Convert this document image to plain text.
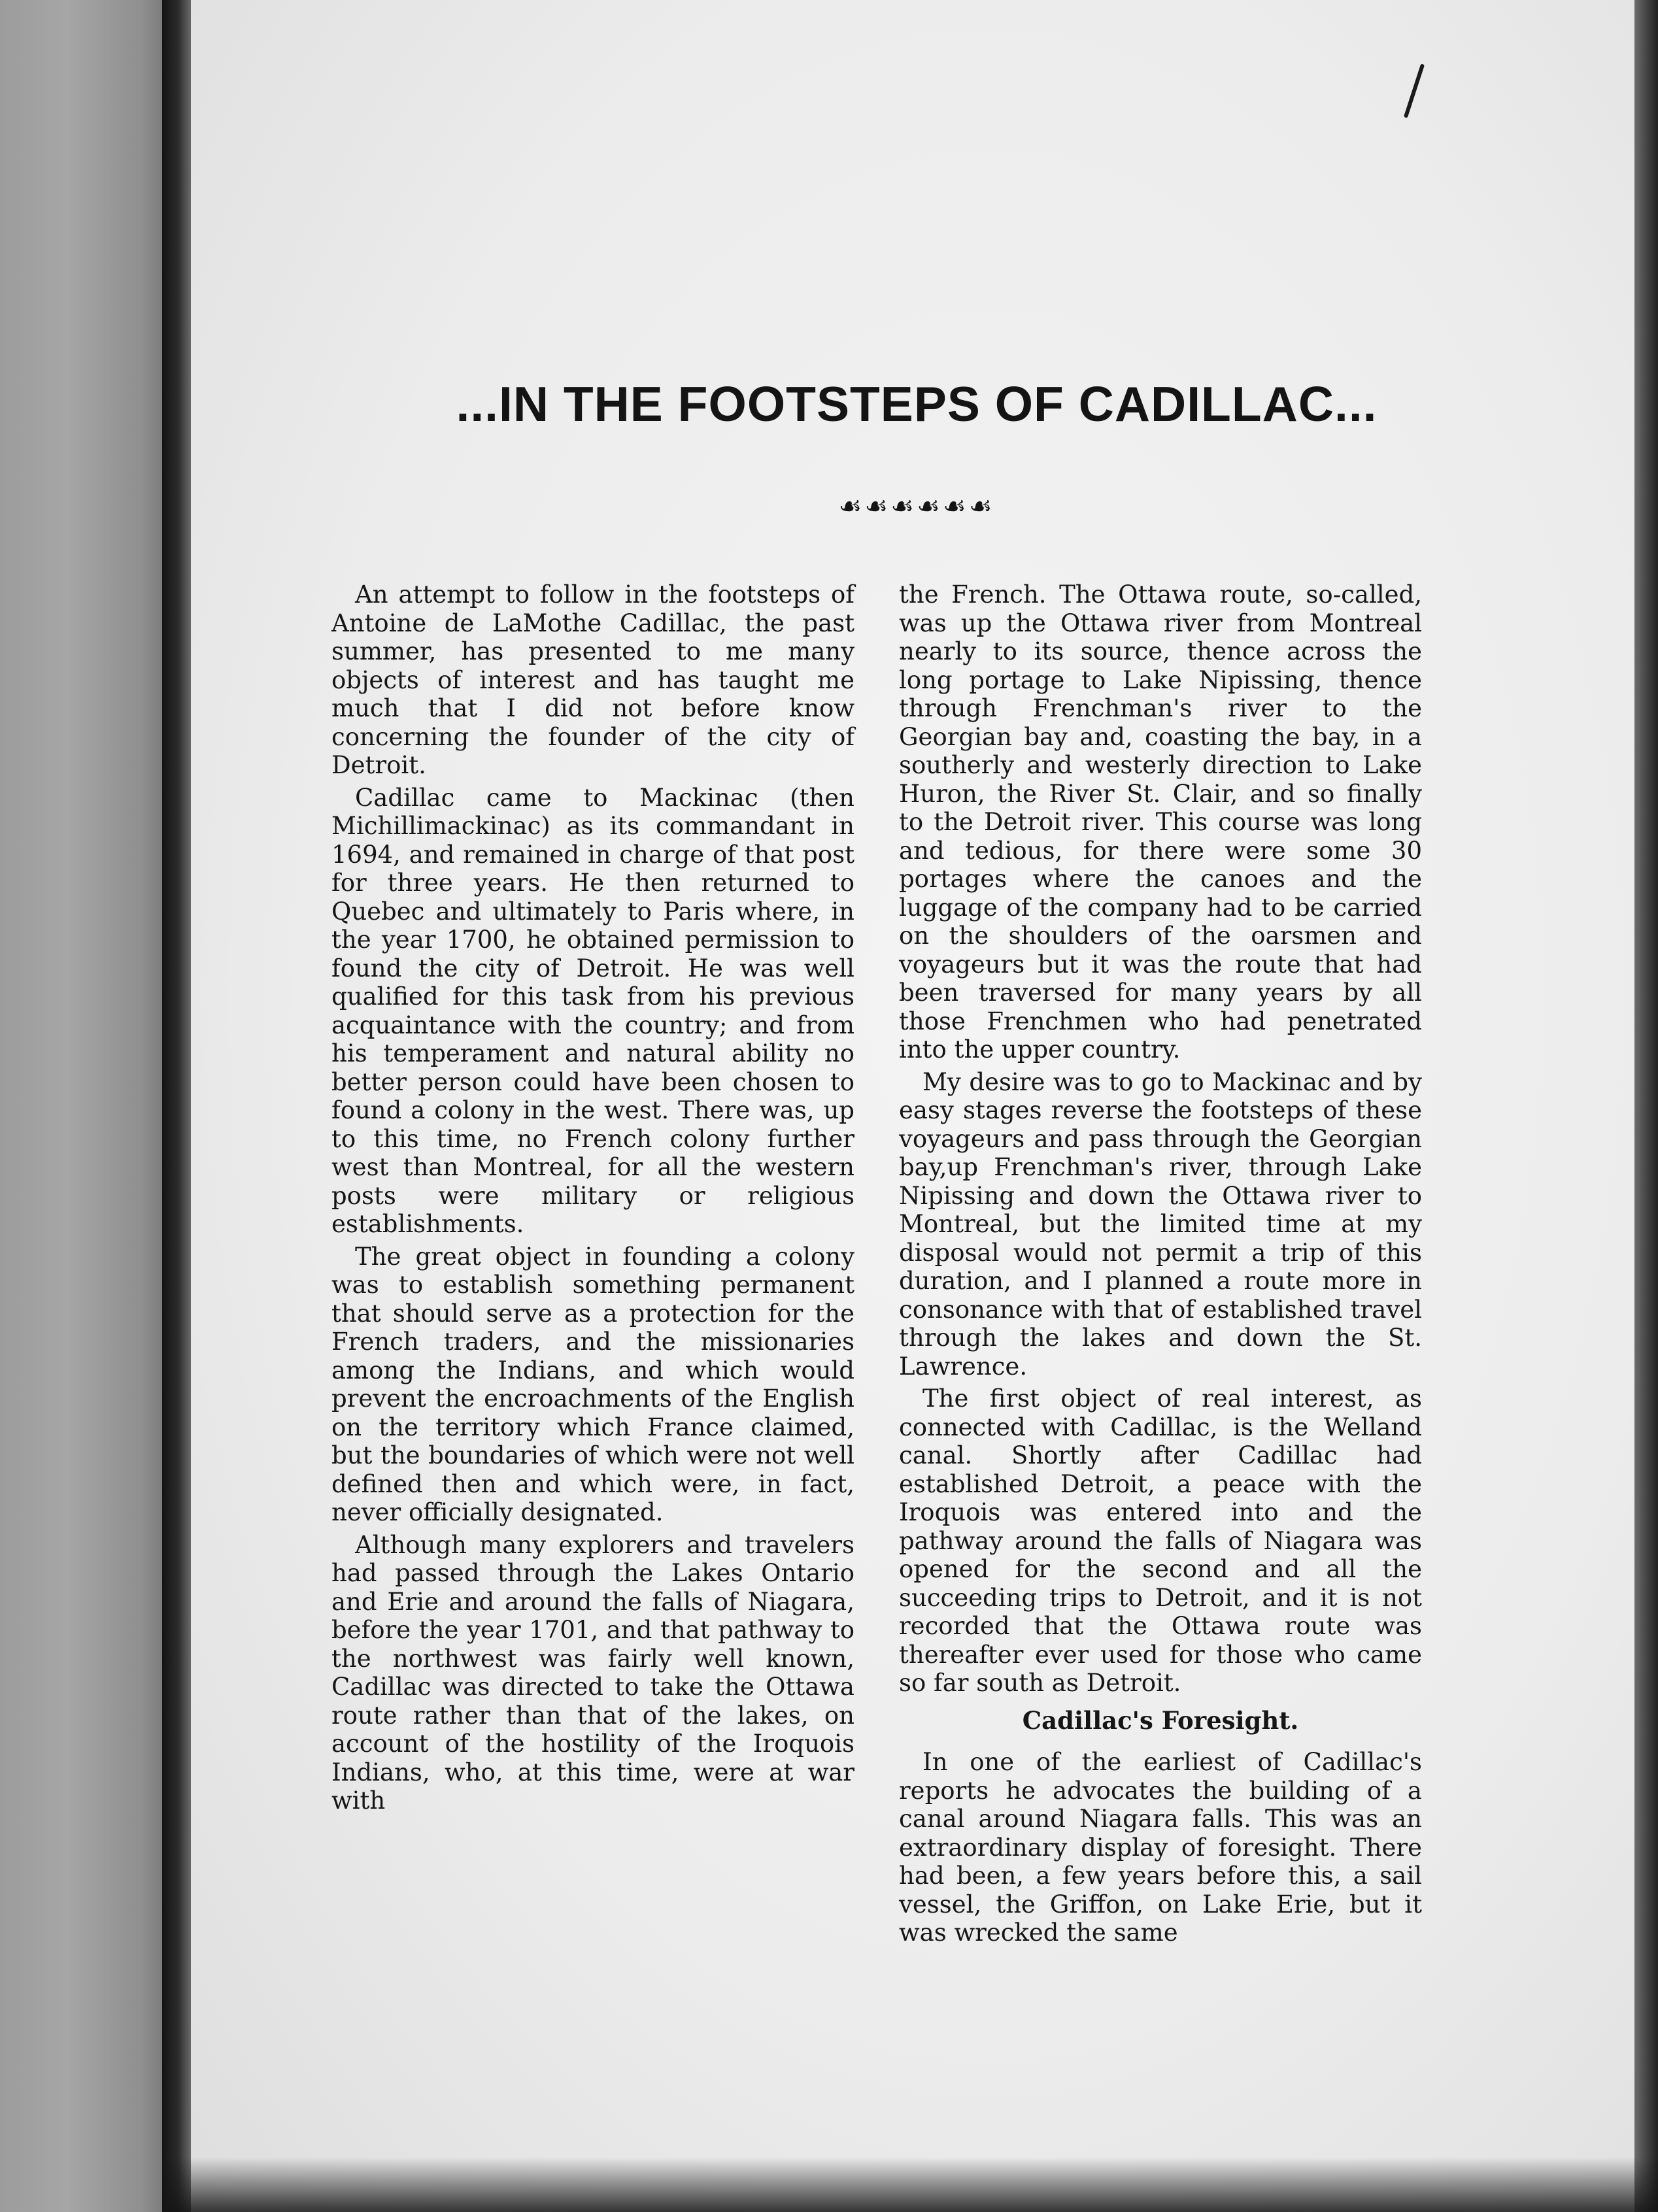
...IN THE FOOTSTEPS OF CADILLAC...
☙☙☙☙☙☙

An attempt to follow in the footsteps of Antoine de LaMothe Cadillac, the past summer, has presented to me many objects of interest and has taught me much that I did not before know concerning the founder of the city of Detroit.

Cadillac came to Mackinac (then Michillimackinac) as its commandant in 1694, and remained in charge of that post for three years. He then returned to Quebec and ultimately to Paris where, in the year 1700, he obtained permission to found the city of Detroit. He was well qualified for this task from his previous acquaintance with the country; and from his temperament and natural ability no better person could have been chosen to found a colony in the west. There was, up to this time, no French colony further west than Montreal, for all the western posts were military or religious establishments.

The great object in founding a colony was to establish something permanent that should serve as a protection for the French traders, and the missionaries among the Indians, and which would prevent the encroachments of the English on the territory which France claimed, but the boundaries of which were not well defined then and which were, in fact, never officially designated.

Although many explorers and travelers had passed through the Lakes Ontario and Erie and around the falls of Niagara, before the year 1701, and that pathway to the northwest was fairly well known, Cadillac was directed to take the Ottawa route rather than that of the lakes, on account of the hostility of the Iroquois Indians, who, at this time, were at war with

the French. The Ottawa route, so-called, was up the Ottawa river from Montreal nearly to its source, thence across the long portage to Lake Nipissing, thence through Frenchman's river to the Georgian bay and, coasting the bay, in a southerly and westerly direction to Lake Huron, the River St. Clair, and so finally to the Detroit river. This course was long and tedious, for there were some 30 portages where the canoes and the luggage of the company had to be carried on the shoulders of the oarsmen and voyageurs but it was the route that had been traversed for many years by all those Frenchmen who had penetrated into the upper country.

My desire was to go to Mackinac and by easy stages reverse the footsteps of these voyageurs and pass through the Georgian bay,up Frenchman's river, through Lake Nipissing and down the Ottawa river to Montreal, but the limited time at my disposal would not permit a trip of this duration, and I planned a route more in consonance with that of established travel through the lakes and down the St. Lawrence.

The first object of real interest, as connected with Cadillac, is the Welland canal. Shortly after Cadillac had established Detroit, a peace with the Iroquois was entered into and the pathway around the falls of Niagara was opened for the second and all the succeeding trips to Detroit, and it is not recorded that the Ottawa route was thereafter ever used for those who came so far south as Detroit.

Cadillac's Foresight.

In one of the earliest of Cadillac's reports he advocates the building of a canal around Niagara falls. This was an extraordinary display of foresight. There had been, a few years before this, a sail vessel, the Griffon, on Lake Erie, but it was wrecked the same
